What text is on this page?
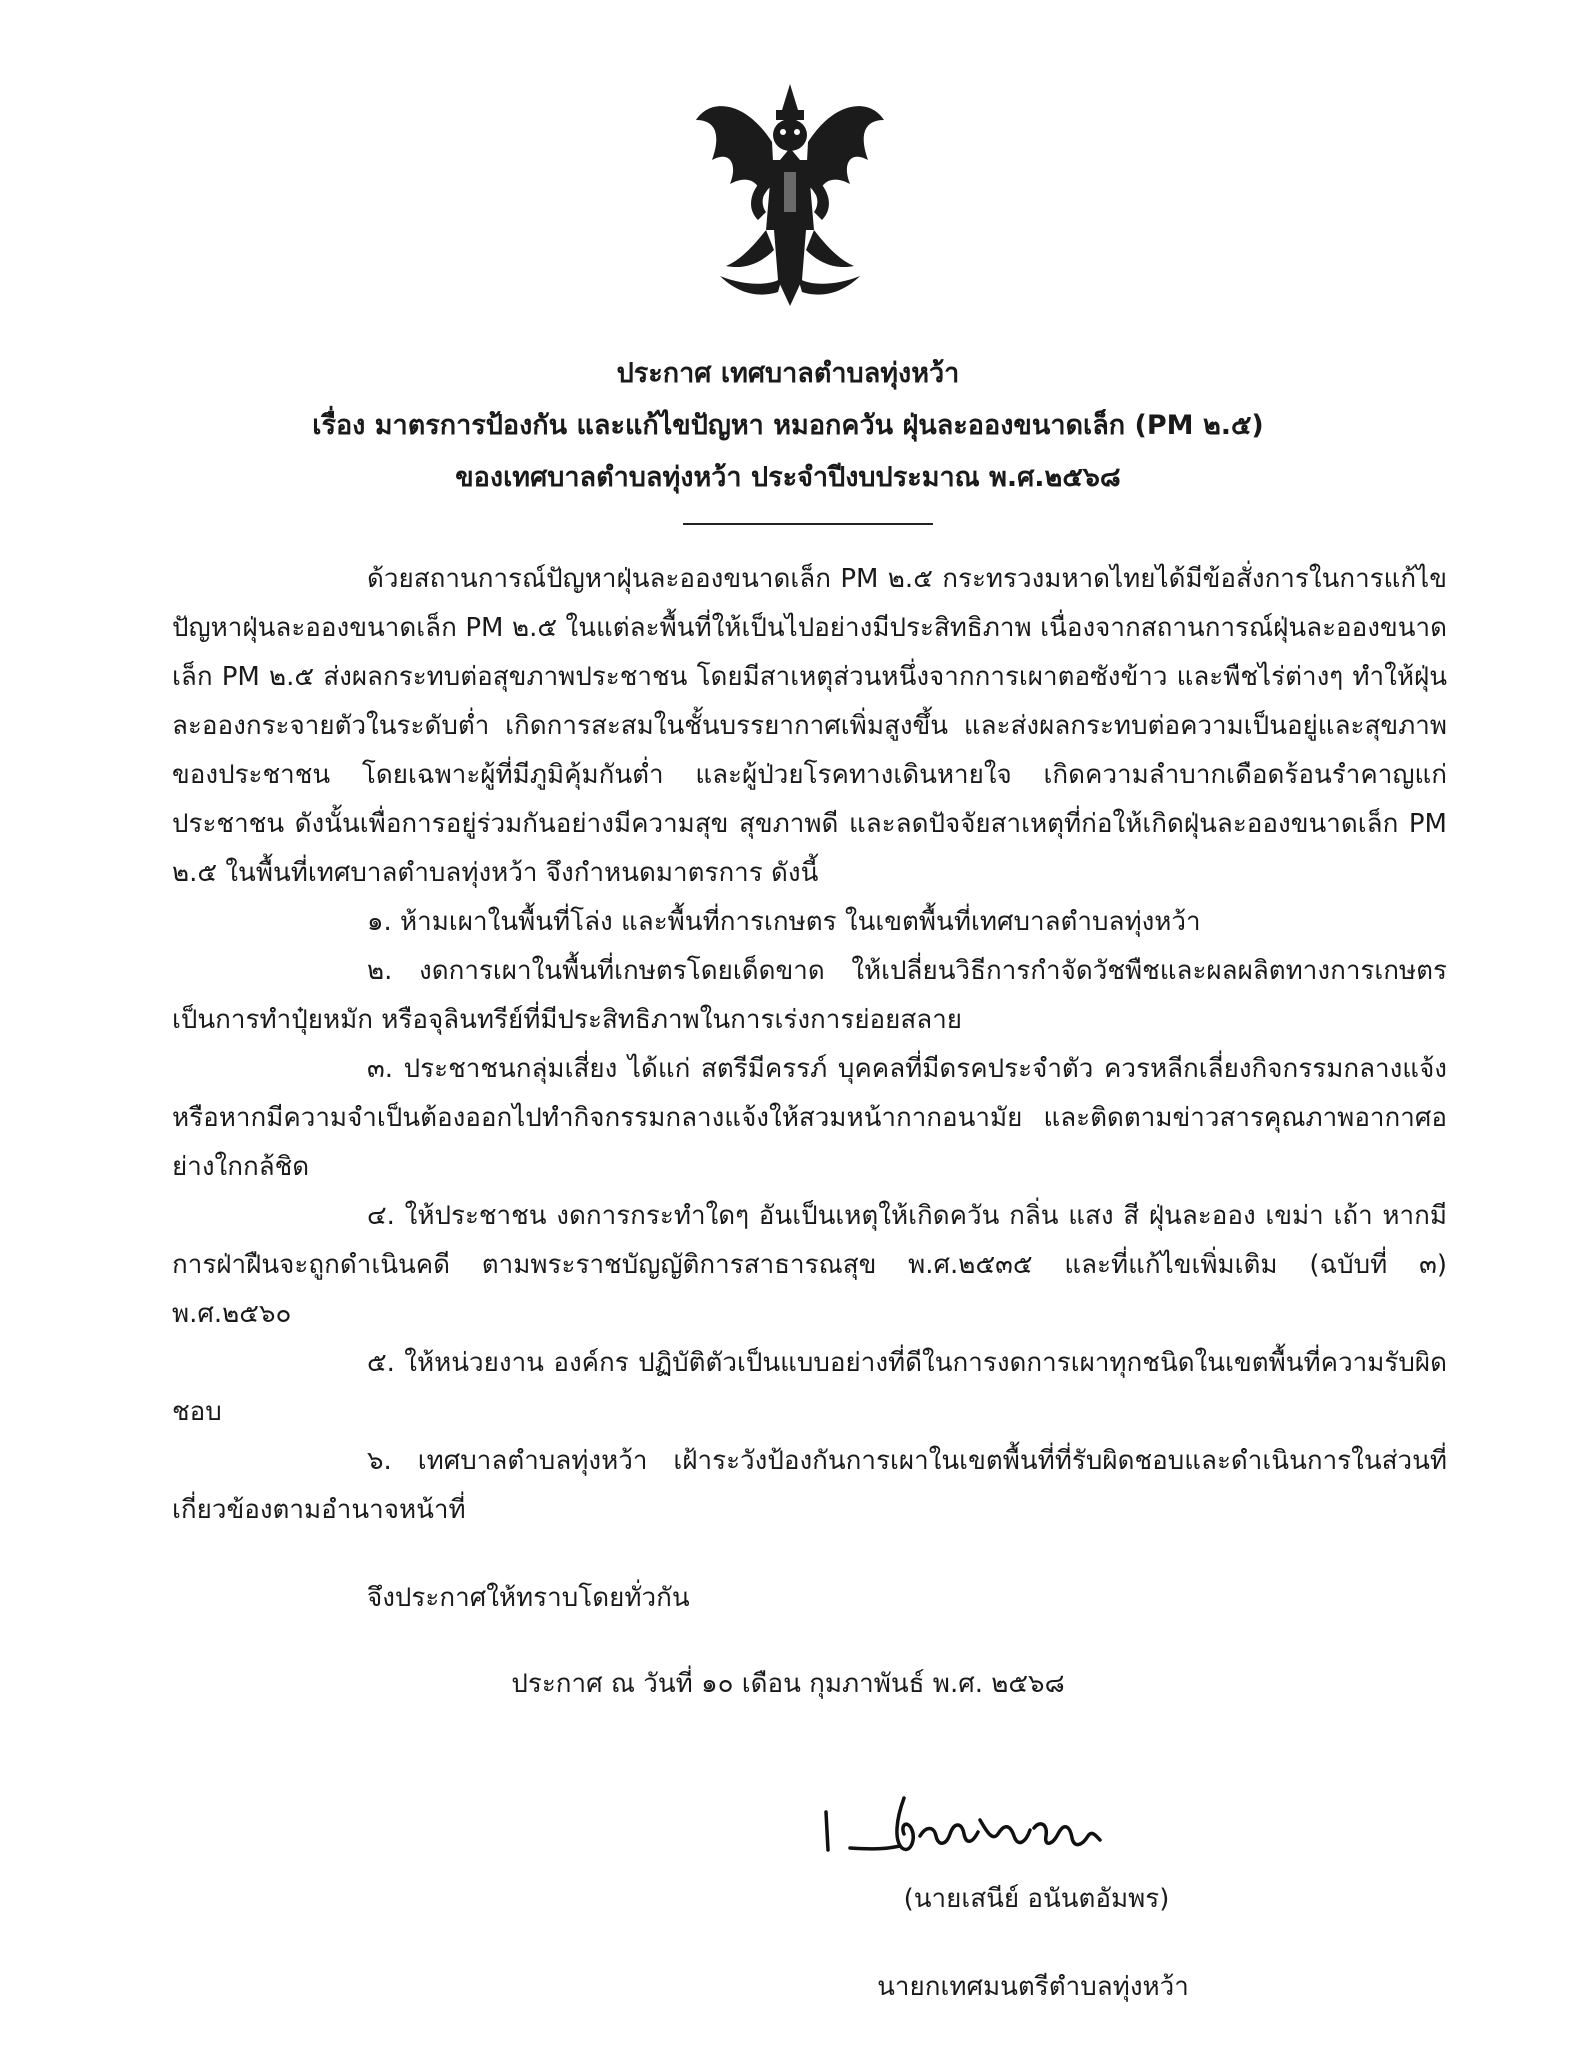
ประกาศ เทศบาลตำบลทุ่งหว้า
เรื่อง มาตรการป้องกัน และแก้ไขปัญหา หมอกควัน ฝุ่นละอองขนาดเล็ก (PM ๒.๕)
ของเทศบาลตำบลทุ่งหว้า ประจำปีงบประมาณ พ.ศ.๒๕๖๘

ด้วยสถานการณ์ปัญหาฝุ่นละอองขนาดเล็ก PM ๒.๕ กระทรวงมหาดไทยได้มีข้อสั่งการในการแก้ไขปัญหาฝุ่นละอองขนาดเล็ก PM ๒.๕ ในแต่ละพื้นที่ให้เป็นไปอย่างมีประสิทธิภาพ เนื่องจากสถานการณ์ฝุ่นละอองขนาดเล็ก PM ๒.๕ ส่งผลกระทบต่อสุขภาพประชาชน โดยมีสาเหตุส่วนหนึ่งจากการเผาตอซังข้าว และพืชไร่ต่างๆ ทำให้ฝุ่นละอองกระจายตัวในระดับต่ำ เกิดการสะสมในชั้นบรรยากาศเพิ่มสูงขึ้น และส่งผลกระทบต่อความเป็นอยู่และสุขภาพของประชาชน โดยเฉพาะผู้ที่มีภูมิคุ้มกันต่ำ และผู้ป่วยโรคทางเดินหายใจ เกิดความลำบากเดือดร้อนรำคาญแก่ประชาชน ดังนั้นเพื่อการอยู่ร่วมกันอย่างมีความสุข สุขภาพดี และลดปัจจัยสาเหตุที่ก่อให้เกิดฝุ่นละอองขนาดเล็ก PM ๒.๕ ในพื้นที่เทศบาลตำบลทุ่งหว้า จึงกำหนดมาตรการ ดังนี้

๑. ห้ามเผาในพื้นที่โล่ง และพื้นที่การเกษตร ในเขตพื้นที่เทศบาลตำบลทุ่งหว้า

๒. งดการเผาในพื้นที่เกษตรโดยเด็ดขาด ให้เปลี่ยนวิธีการกำจัดวัชพืชและผลผลิตทางการเกษตรเป็นการทำปุ๋ยหมัก หรือจุลินทรีย์ที่มีประสิทธิภาพในการเร่งการย่อยสลาย

๓. ประชาชนกลุ่มเสี่ยง ได้แก่ สตรีมีครรภ์ บุคคลที่มีดรคประจำตัว ควรหลีกเลี่ยงกิจกรรมกลางแจ้ง หรือหากมีความจำเป็นต้องออกไปทำกิจกรรมกลางแจ้งให้สวมหน้ากากอนามัย และติดตามข่าวสารคุณภาพอากาศอย่างใกกล้ชิด

๔. ให้ประชาชน งดการกระทำใดๆ อันเป็นเหตุให้เกิดควัน กลิ่น แสง สี ฝุ่นละออง เขม่า เถ้า หากมีการฝ่าฝืนจะถูกดำเนินคดี ตามพระราชบัญญัติการสาธารณสุข พ.ศ.๒๕๓๕ และที่แก้ไขเพิ่มเติม (ฉบับที่ ๓) พ.ศ.๒๕๖๐

๕. ให้หน่วยงาน องค์กร ปฏิบัติตัวเป็นแบบอย่างที่ดีในการงดการเผาทุกชนิดในเขตพื้นที่ความรับผิดชอบ

๖. เทศบาลตำบลทุ่งหว้า เฝ้าระวังป้องกันการเผาในเขตพื้นที่ที่รับผิดชอบและดำเนินการในส่วนที่เกี่ยวข้องตามอำนาจหน้าที่

จึงประกาศให้ทราบโดยทั่วกัน
ประกาศ ณ วันที่ ๑๐ เดือน กุมภาพันธ์ พ.ศ. ๒๕๖๘
(นายเสนีย์ อนันตอัมพร)
นายกเทศมนตรีตำบลทุ่งหว้า
